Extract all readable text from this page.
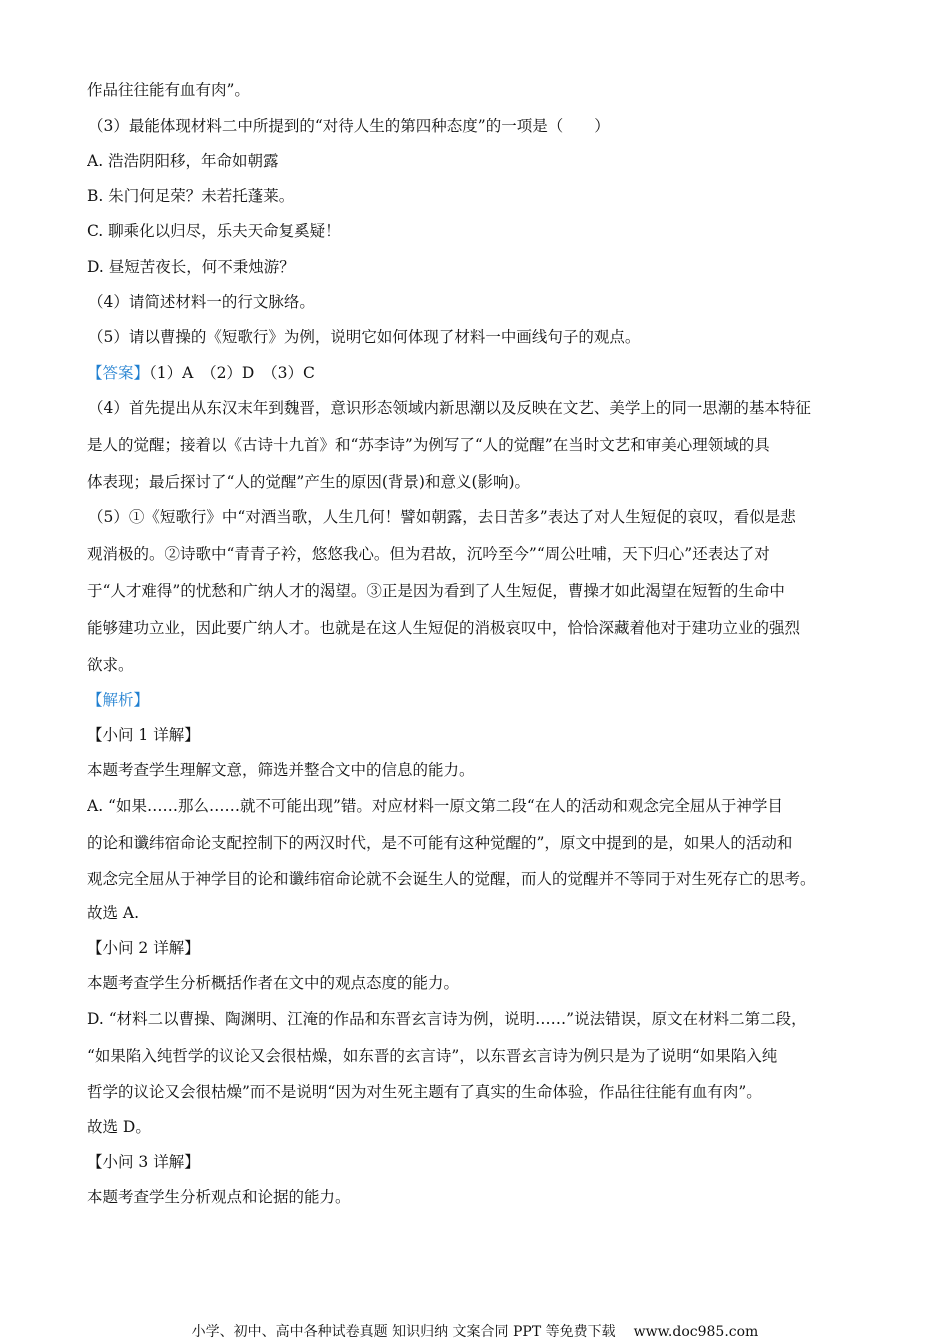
作品往往能有血有肉”。
（3）最能体现材料二中所提到的“对待人生的第四种态度”的一项是（　　）
A. 浩浩阴阳移，年命如朝露
B. 朱门何足荣？未若托蓬莱。
C. 聊乘化以归尽，乐夫天命复奚疑！
D. 昼短苦夜长，何不秉烛游？
（4）请简述材料一的行文脉络。
（5）请以曹操的《短歌行》为例，说明它如何体现了材料一中画线句子的观点。
【答案】（1）A　（2）D　（3）C
（4）首先提出从东汉末年到魏晋，意识形态领域内新思潮以及反映在文艺、美学上的同一思潮的基本特征
是人的觉醒；接着以《古诗十九首》和“苏李诗”为例写了“人的觉醒”在当时文艺和审美心理领域的具
体表现；最后探讨了“人的觉醒”产生的原因(背景)和意义(影响)。
（5）①《短歌行》中“对酒当歌，人生几何！譬如朝露，去日苦多”表达了对人生短促的哀叹，看似是悲
观消极的。②诗歌中“青青子衿，悠悠我心。但为君故，沉吟至今”“周公吐哺，天下归心”还表达了对
于“人才难得”的忧愁和广纳人才的渴望。③正是因为看到了人生短促，曹操才如此渴望在短暂的生命中
能够建功立业，因此要广纳人才。也就是在这人生短促的消极哀叹中，恰恰深藏着他对于建功立业的强烈
欲求。
【解析】
【小问 1 详解】
本题考查学生理解文意，筛选并整合文中的信息的能力。
A. “如果……那么……就不可能出现”错。对应材料一原文第二段“在人的活动和观念完全屈从于神学目
的论和谶纬宿命论支配控制下的两汉时代，是不可能有这种觉醒的”，原文中提到的是，如果人的活动和
观念完全屈从于神学目的论和谶纬宿命论就不会诞生人的觉醒，而人的觉醒并不等同于对生死存亡的思考。
故选 A.
【小问 2 详解】
本题考查学生分析概括作者在文中的观点态度的能力。
D. “材料二以曹操、陶渊明、江淹的作品和东晋玄言诗为例，说明……”说法错误，原文在材料二第二段，
“如果陷入纯哲学的议论又会很枯燥，如东晋的玄言诗”，以东晋玄言诗为例只是为了说明“如果陷入纯
哲学的议论又会很枯燥”而不是说明“因为对生死主题有了真实的生命体验，作品往往能有血有肉”。
故选 D。
【小问 3 详解】
本题考查学生分析观点和论据的能力。
小学、初中、高中各种试卷真题 知识归纳 文案合同 PPT 等免费下载 www.doc985.com
